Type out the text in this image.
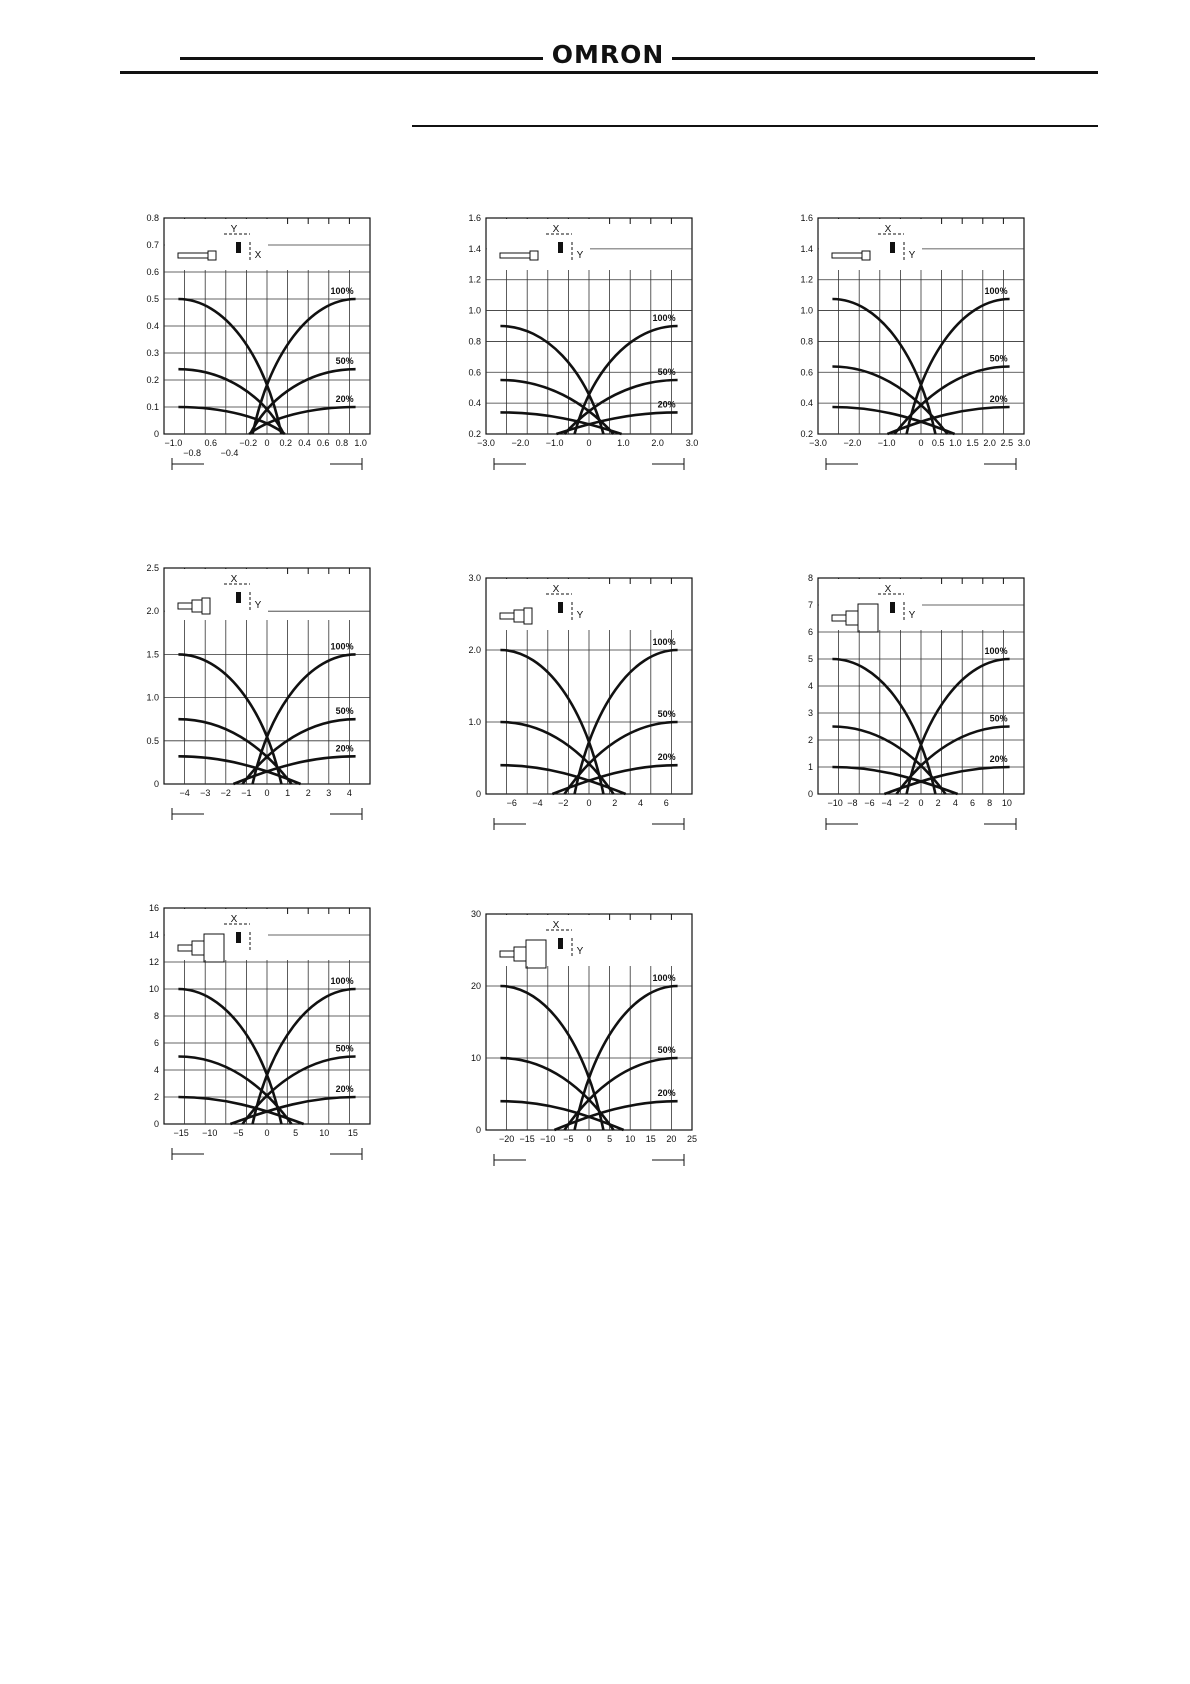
OMRON
0.8
0.7
0.6
0.5
0.4
0.3
0.2
0.1
0
−1.0 0.6 −0.2 0 0.2 0.4 0.6 0.8 1.0
−0.8 −0.4
Y
X
100%
50%
20%
1.6
1.4
1.2
1.0
0.8
0.6
0.4
0.2
−3.0 −2.0 −1.0	0	1.0 2.0 3.0
X
Y
100%
50%
20%
1.6
1.4
1.2
1.0
0.8
0.6
0.4
0.2
−3.0 −2.0 −1.0	0 0.5 1.0 1.5 2.0 2.5 3.0
X
Y
100%
50%
20%
2.5
2.0
1.5
1.0
0.5
0
−4 −3 −2 −1 0 1 2 3 4
X
Y
100%
50%
20%
3.0
2.0
1.0
0
−6 −4 −2 0 2 4 6
X
Y
100%
50%
20%
8
7
6
5
4
3
2
1
0
−10 −8 −6 −4 −2 0 2 4 6 8 10
X
Y
100%
50%
20%
16
14
12
10
8
6
4
2
0
−15 −10 −5 0	5 10 15
X
100%
50%
20%
30
20
10
0
−20 −15 −10 −5 0 5 10 15 20 25
X
Y
100%
50%
20%
